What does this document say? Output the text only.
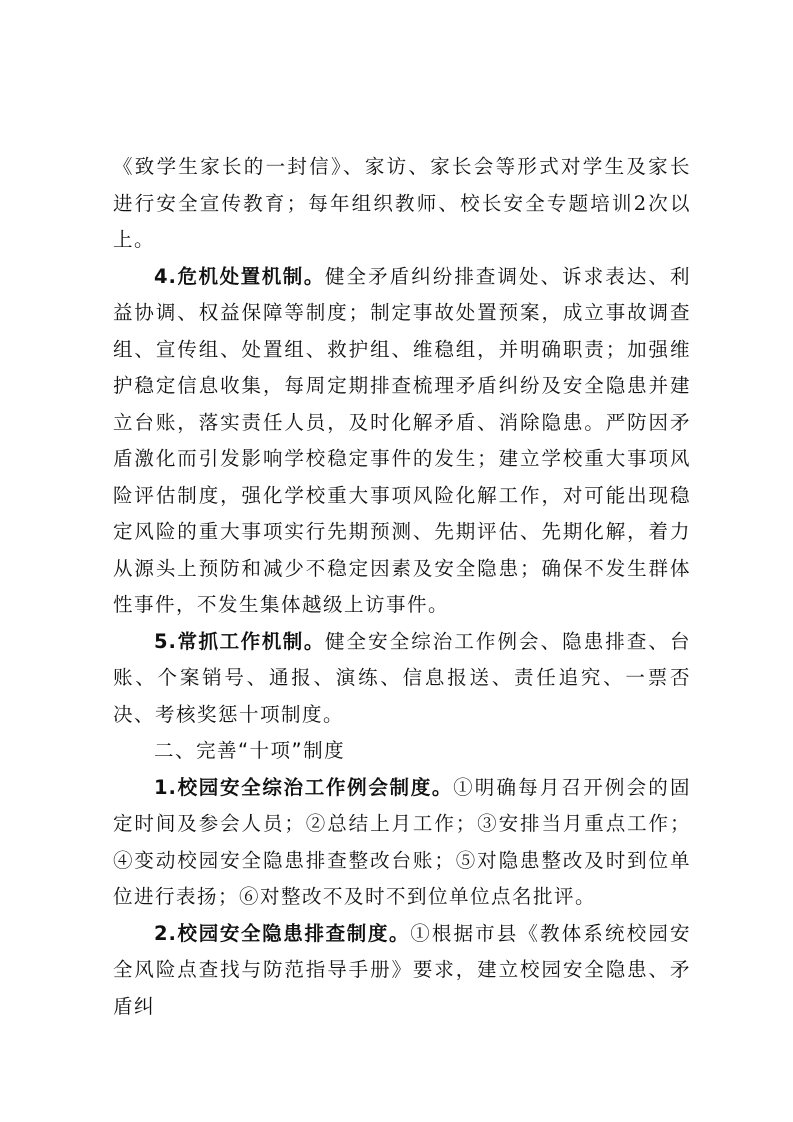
《致学生家长的一封信》、家访、家长会等形式对学生及家长进行安全宣传教育；每年组织教师、校长安全专题培训2次以上。

4.危机处置机制。健全矛盾纠纷排查调处、诉求表达、利益协调、权益保障等制度；制定事故处置预案，成立事故调查组、宣传组、处置组、救护组、维稳组，并明确职责；加强维护稳定信息收集，每周定期排查梳理矛盾纠纷及安全隐患并建立台账，落实责任人员，及时化解矛盾、消除隐患。严防因矛盾激化而引发影响学校稳定事件的发生；建立学校重大事项风险评估制度，强化学校重大事项风险化解工作，对可能出现稳定风险的重大事项实行先期预测、先期评估、先期化解，着力从源头上预防和减少不稳定因素及安全隐患；确保不发生群体性事件，不发生集体越级上访事件。

5.常抓工作机制。健全安全综治工作例会、隐患排查、台账、个案销号、通报、演练、信息报送、责任追究、一票否决、考核奖惩十项制度。

二、完善“十项”制度

1.校园安全综治工作例会制度。①明确每月召开例会的固定时间及参会人员；②总结上月工作；③安排当月重点工作；④变动校园安全隐患排查整改台账；⑤对隐患整改及时到位单位进行表扬；⑥对整改不及时不到位单位点名批评。

2.校园安全隐患排查制度。①根据市县《教体系统校园安全风险点查找与防范指导手册》要求，建立校园安全隐患、矛盾纠
